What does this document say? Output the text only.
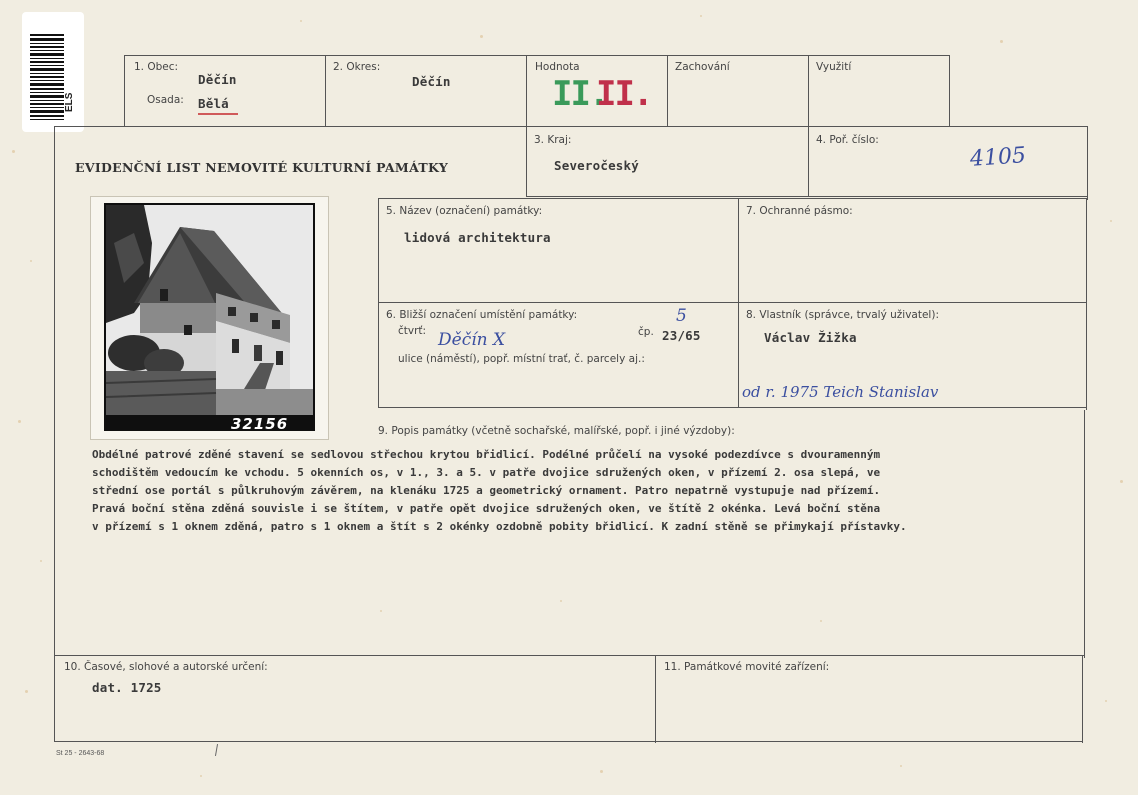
ELS
1. Obec:
Děčín
Osada: Bělá
2. Okres:
Děčín
Hodnota
II.
II.
Zachování	Využití
EVIDENČNÍ LIST NEMOVITÉ KULTURNÍ PAMÁTKY
3. Kraj:
Severočeský
4. Poř. číslo:
4105
32156
5. Název (označení) památky:
lidová architektura
7. Ochranné pásmo:
6. Bližší označení umístění památky:
čtvrť: Děčín X	čp.
5
23/65
ulice (náměstí), popř. místní trať, č. parcely aj.:
8. Vlastník (správce, trvalý uživatel):
Václav Žižka
od r. 1975 Teich Stanislav
9. Popis památky (včetně sochařské, malířské, popř. i jiné výzdoby):
Obdélné patrové zděné stavení se sedlovou střechou krytou břidlicí. Podélné průčelí na vysoké podezdívce s dvouramenným
schodištěm vedoucím ke vchodu. 5 okenních os, v 1., 3. a 5. v patře dvojice sdružených oken, v přízemí 2. osa slepá, ve
střední ose portál s půlkruhovým závěrem, na klenáku 1725 a geometrický ornament. Patro nepatrně vystupuje nad přízemí.
Pravá boční stěna zděná souvisle i se štítem, v patře opět dvojice sdružených oken, ve štítě 2 okénka. Levá boční stěna
v přízemí s 1 oknem zděná, patro s 1 oknem a štít s 2 okénky ozdobně pobity břidlicí. K zadní stěně se přimykají přístavky.
10. Časové, slohové a autorské určení:
dat. 1725
11. Památkové movité zařízení:
St 25 - 2643-68
